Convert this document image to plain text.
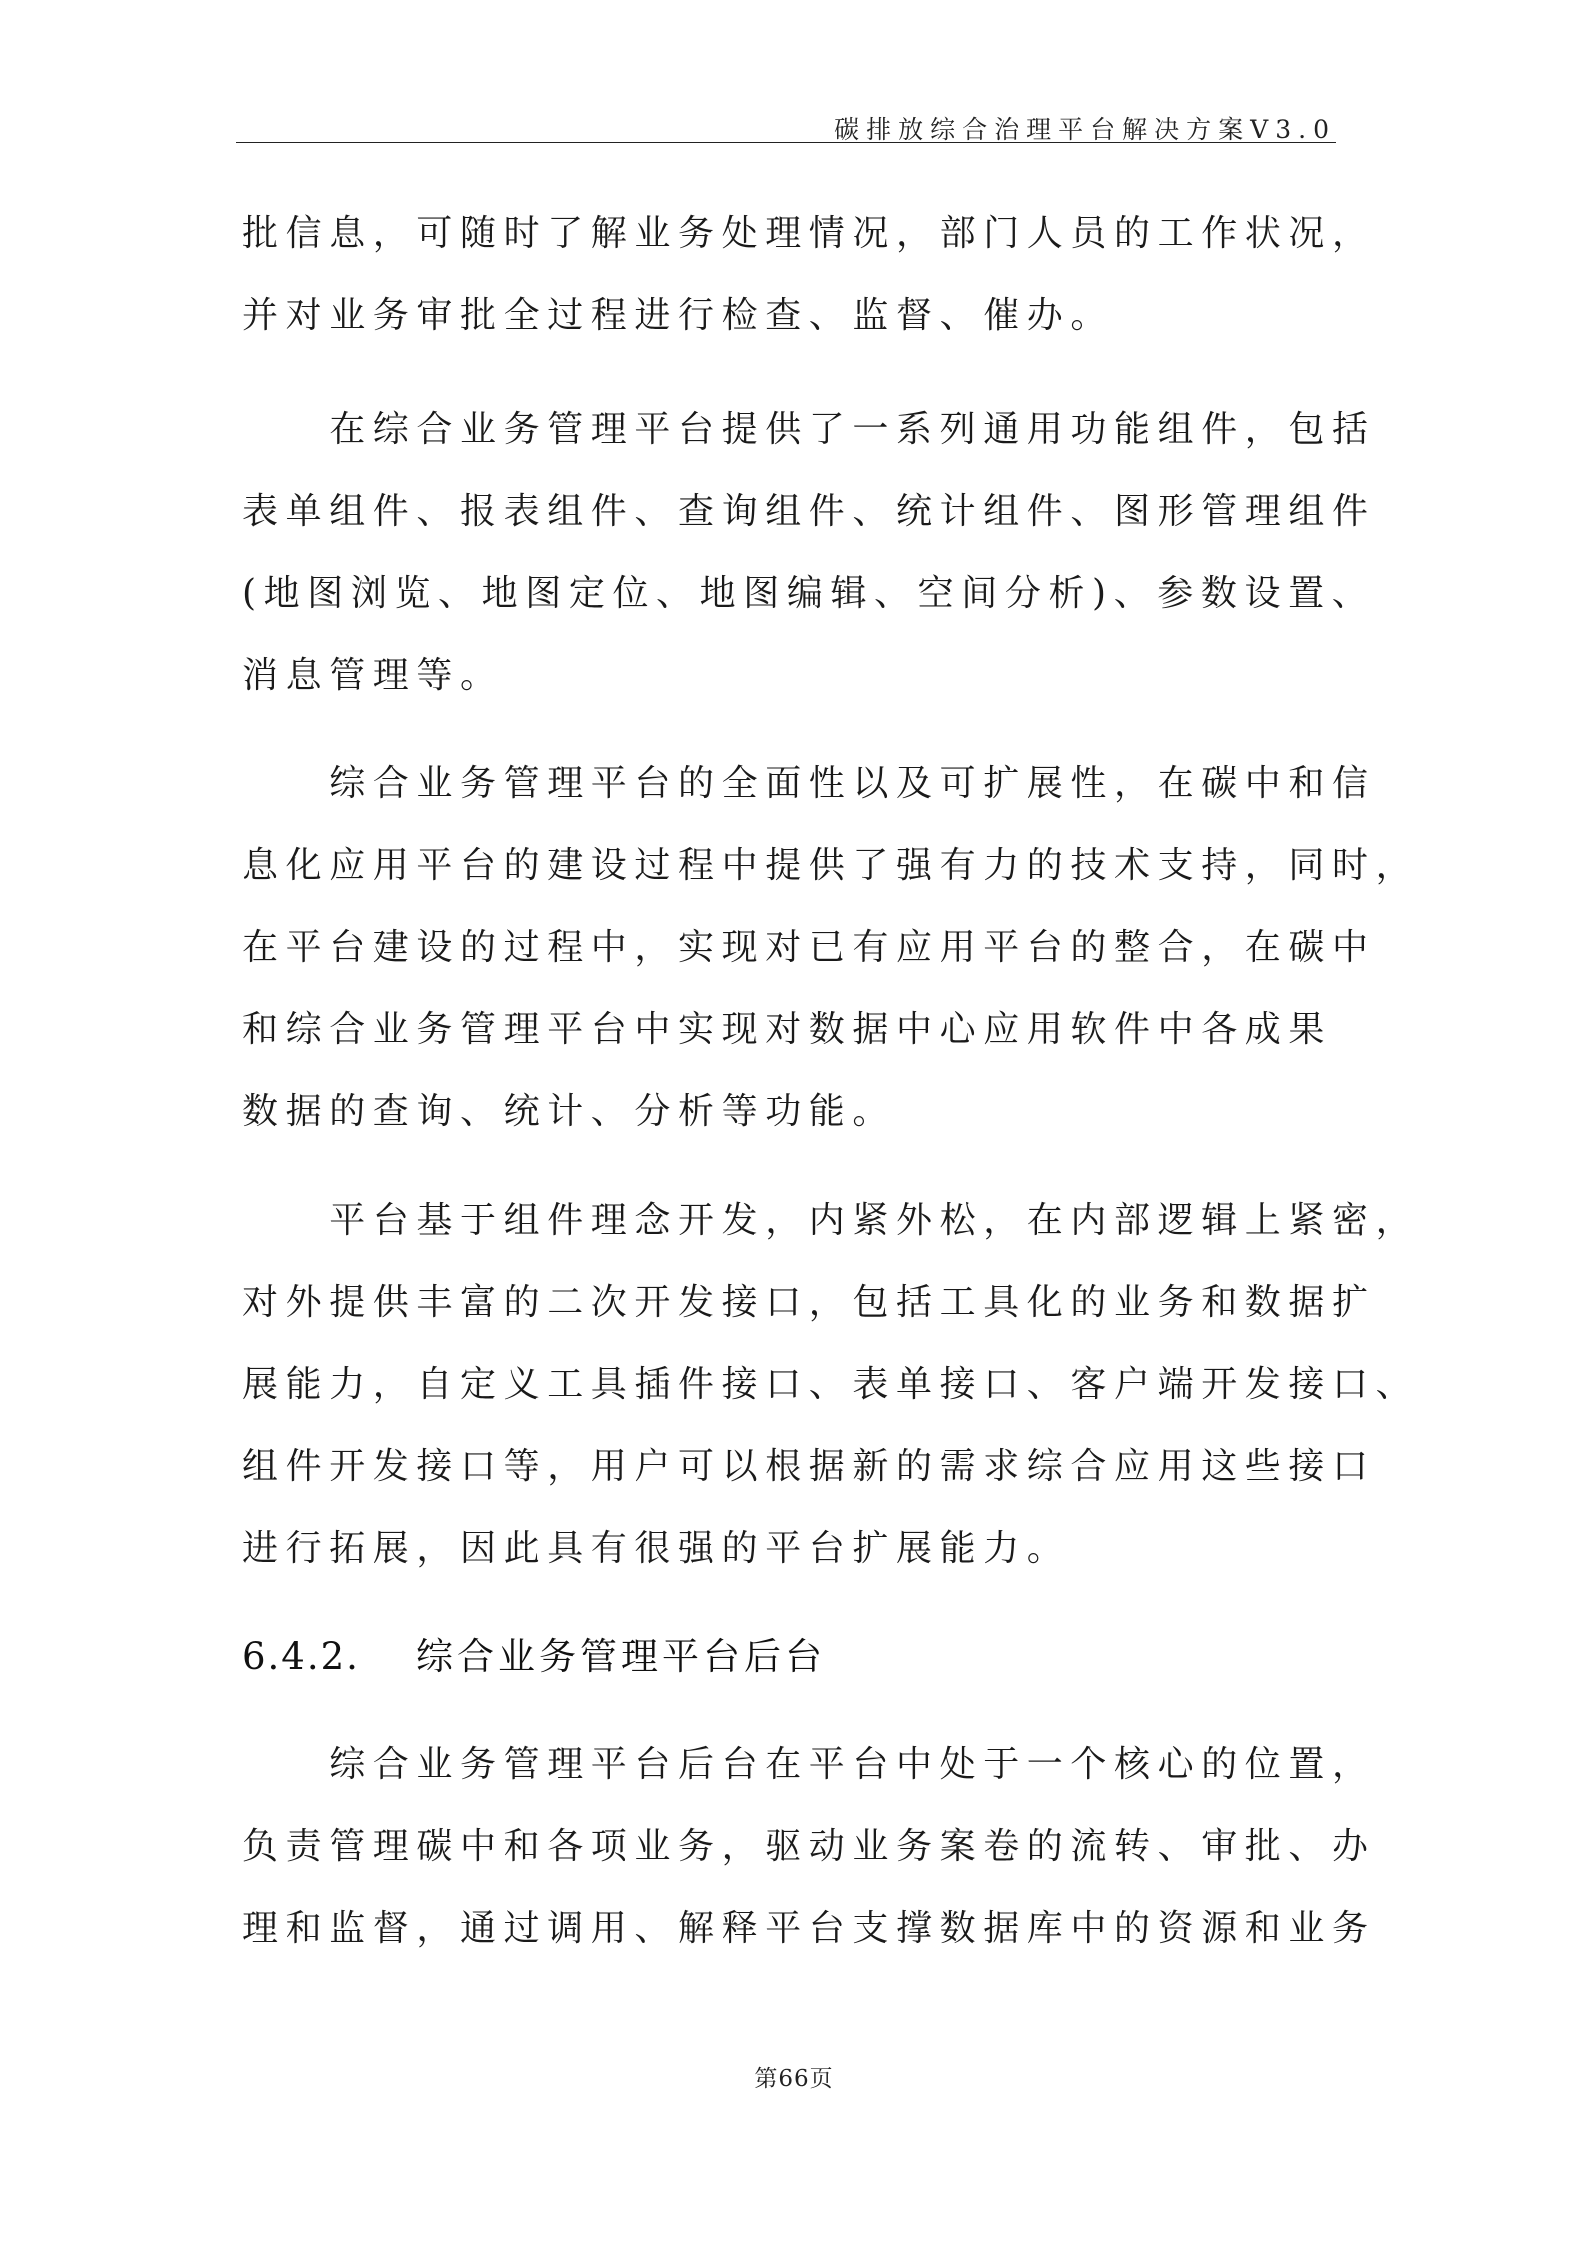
碳排放综合治理平台解决方案V3.0
批信息，可随时了解业务处理情况，部门人员的工作状况，
并对业务审批全过程进行检查、监督、催办。
　　在综合业务管理平台提供了一系列通用功能组件，包括
表单组件、报表组件、查询组件、统计组件、图形管理组件
(地图浏览、地图定位、地图编辑、空间分析)、参数设置、
消息管理等。
　　综合业务管理平台的全面性以及可扩展性，在碳中和信
息化应用平台的建设过程中提供了强有力的技术支持，同时，
在平台建设的过程中，实现对已有应用平台的整合，在碳中
和综合业务管理平台中实现对数据中心应用软件中各成果
数据的查询、统计、分析等功能。
　　平台基于组件理念开发，内紧外松，在内部逻辑上紧密，
对外提供丰富的二次开发接口，包括工具化的业务和数据扩
展能力，自定义工具插件接口、表单接口、客户端开发接口、
组件开发接口等，用户可以根据新的需求综合应用这些接口
进行拓展，因此具有很强的平台扩展能力。
6.4.2. 综合业务管理平台后台
　　综合业务管理平台后台在平台中处于一个核心的位置，
负责管理碳中和各项业务，驱动业务案卷的流转、审批、办
理和监督，通过调用、解释平台支撑数据库中的资源和业务
第66页
